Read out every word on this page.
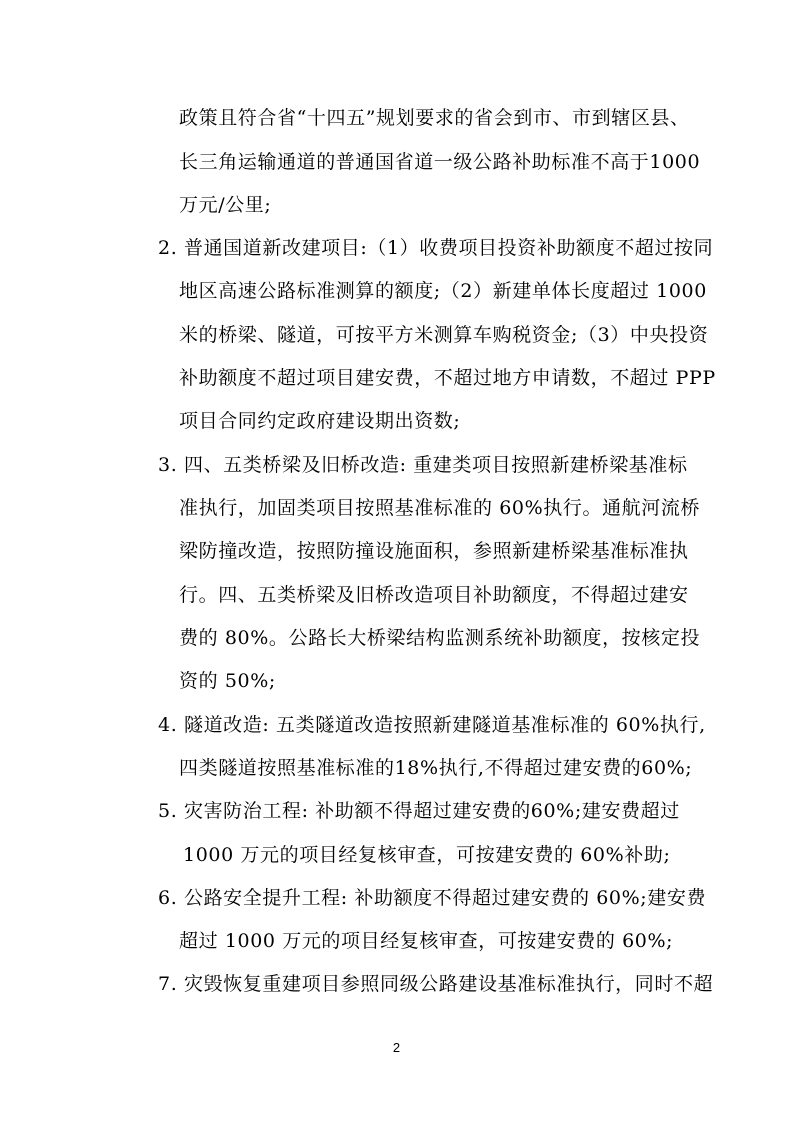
政策且符合省“十四五”规划要求的省会到市、市到辖区县、
长三角运输通道的普通国省道一级公路补助标准不高于1000
万元/公里;
2. 普通国道新改建项目:（1）收费项目投资补助额度不超过按同
地区高速公路标准测算的额度;（2）新建单体长度超过 1000
米的桥梁、隧道，可按平方米测算车购税资金;（3）中央投资
补助额度不超过项目建安费，不超过地方申请数，不超过 PPP
项目合同约定政府建设期出资数;
3. 四、五类桥梁及旧桥改造: 重建类项目按照新建桥梁基准标
准执行，加固类项目按照基准标准的 60%执行。通航河流桥
梁防撞改造，按照防撞设施面积，参照新建桥梁基准标准执
行。四、五类桥梁及旧桥改造项目补助额度，不得超过建安
费的 80%。公路长大桥梁结构监测系统补助额度，按核定投
资的 50%;
4. 隧道改造: 五类隧道改造按照新建隧道基准标准的 60%执行,
四类隧道按照基准标准的18%执行,不得超过建安费的60%;
5. 灾害防治工程: 补助额不得超过建安费的60%;建安费超过
1000 万元的项目经复核审查，可按建安费的 60%补助;
6. 公路安全提升工程: 补助额度不得超过建安费的 60%;建安费
超过 1000 万元的项目经复核审查，可按建安费的 60%;
7. 灾毁恢复重建项目参照同级公路建设基准标准执行，同时不超
2
